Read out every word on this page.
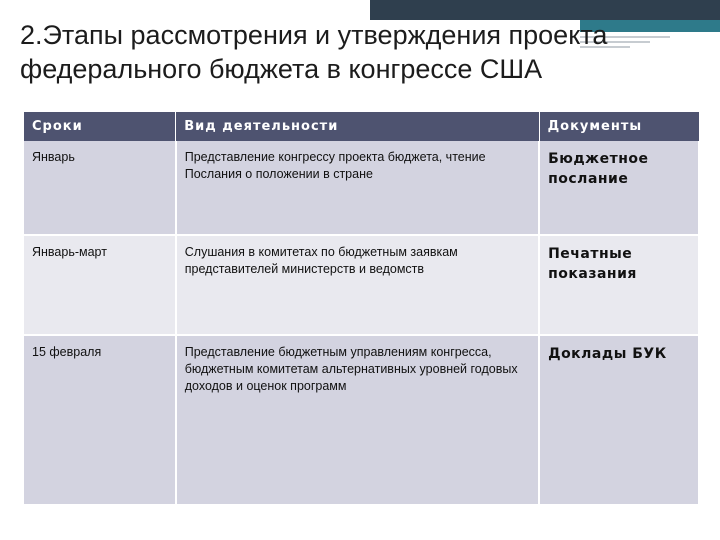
2.Этапы рассмотрения и утверждения проекта федерального бюджета в конгрессе США
Сроки	Вид деятельности	Документы
Январь	Представление конгрессу проекта бюджета, чтение Послания о положении в стране	Бюджетное послание
Январь-март	Слушания в комитетах по бюджетным заявкам представителей министерств и ведомств	Печатные показания
15 февраля	Представление бюджетным управлениям конгресса, бюджетным комитетам альтернативных уровней годовых доходов и оценок программ	Доклады БУК
